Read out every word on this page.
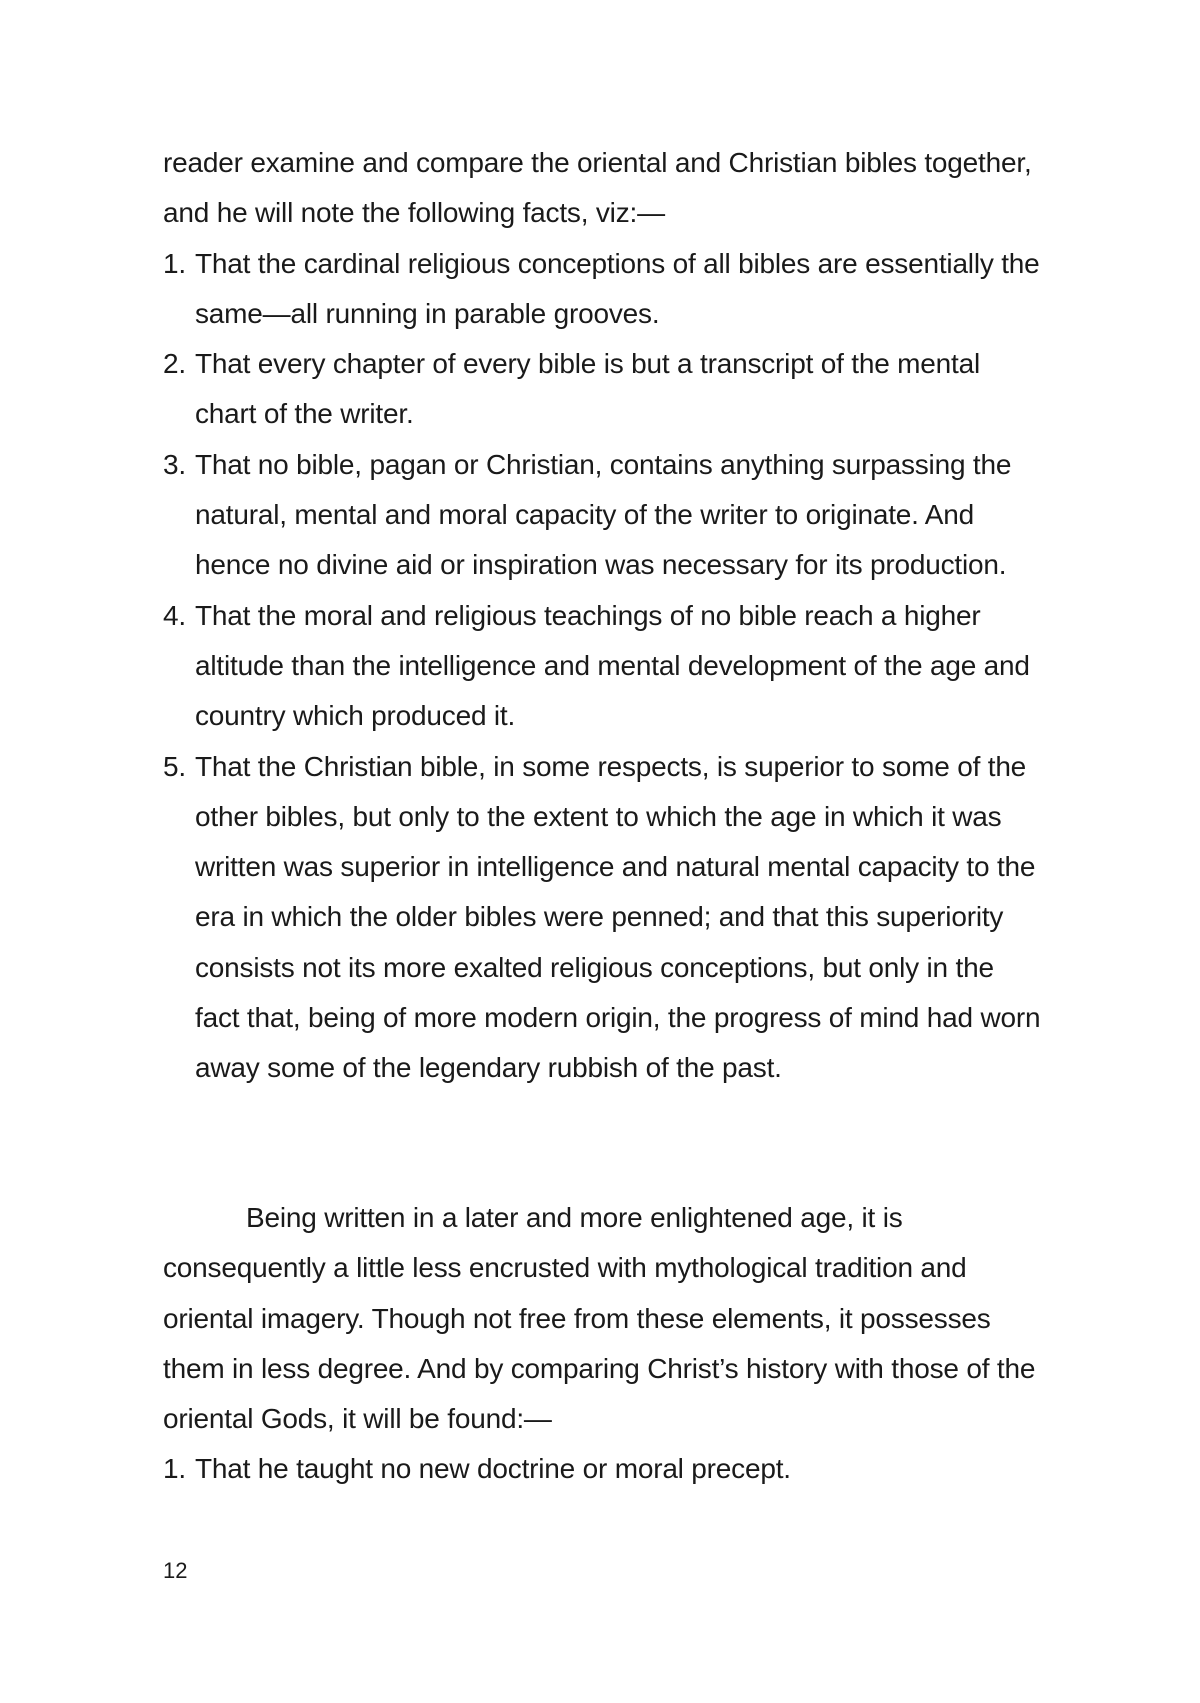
reader examine and compare the oriental and Christian bibles together, and he will note the following facts, viz:—

1. That the cardinal religious conceptions of all bibles are essentially the same—all running in parable grooves.
2. That every chapter of every bible is but a transcript of the mental chart of the writer.
3. That no bible, pagan or Christian, contains anything surpassing the natural, mental and moral capacity of the writer to originate. And hence no divine aid or inspiration was necessary for its production.
4. That the moral and religious teachings of no bible reach a higher altitude than the intelligence and mental development of the age and country which produced it.
5. That the Christian bible, in some respects, is superior to some of the other bibles, but only to the extent to which the age in which it was written was superior in intelligence and natural mental capacity to the era in which the older bibles were penned; and that this superiority consists not its more exalted religious conceptions, but only in the fact that, being of more modern origin, the progress of mind had worn away some of the legendary rubbish of the past.

Being written in a later and more enlightened age, it is consequently a little less encrusted with mythological tradition and oriental imagery. Though not free from these elements, it possesses them in less degree. And by comparing Christ’s history with those of the oriental Gods, it will be found:—

1. That he taught no new doctrine or moral precept.
12
